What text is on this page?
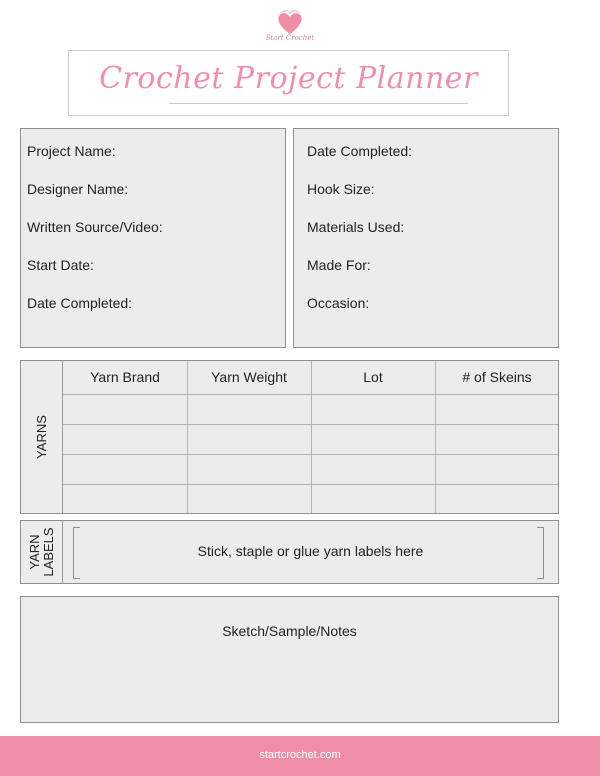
Start Crochet
Crochet Project Planner
Project Name:
Designer Name:
Written Source/Video:
Start Date:
Date Completed:
Date Completed:
Hook Size:
Materials Used:
Made For:
Occasion:
YARNS
Yarn Brand	Yarn Weight	Lot	# of Skeins
YARN
LABELS	Stick, staple or glue yarn labels here
Sketch/Sample/Notes
startcrochet.com
